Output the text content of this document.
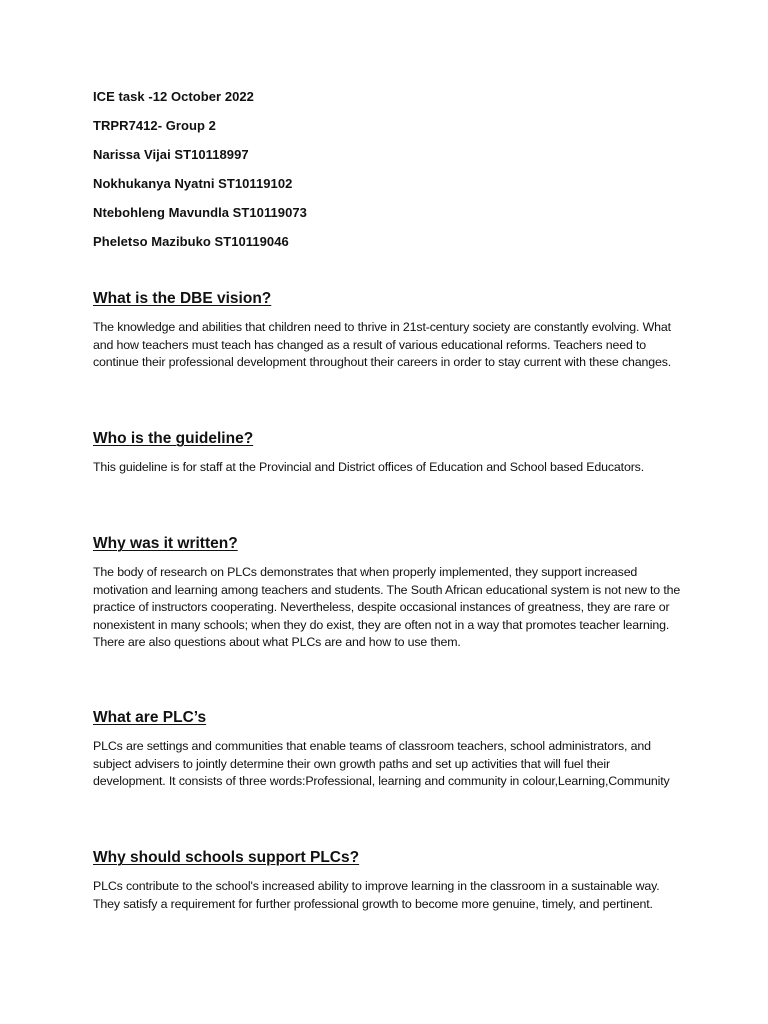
ICE task -12 October 2022
TRPR7412- Group 2
Narissa Vijai ST10118997
Nokhukanya Nyatni ST10119102
Ntebohleng Mavundla ST10119073
Pheletso Mazibuko ST10119046
What is the DBE vision?

The knowledge and abilities that children need to thrive in 21st-century society are constantly evolving. What and how teachers must teach has changed as a result of various educational reforms. Teachers need to continue their professional development throughout their careers in order to stay current with these changes.

Who is the guideline?

This guideline is for staff at the Provincial and District offices of Education and School based Educators.

Why was it written?

The body of research on PLCs demonstrates that when properly implemented, they support increased motivation and learning among teachers and students. The South African educational system is not new to the practice of instructors cooperating. Nevertheless, despite occasional instances of greatness, they are rare or nonexistent in many schools; when they do exist, they are often not in a way that promotes teacher learning. There are also questions about what PLCs are and how to use them.

What are PLC’s

PLCs are settings and communities that enable teams of classroom teachers, school administrators, and subject advisers to jointly determine their own growth paths and set up activities that will fuel their development. It consists of three words:Professional, learning and community in colour,Learning,Community

Why should schools support PLCs?

PLCs contribute to the school's increased ability to improve learning in the classroom in a sustainable way. They satisfy a requirement for further professional growth to become more genuine, timely, and pertinent.
